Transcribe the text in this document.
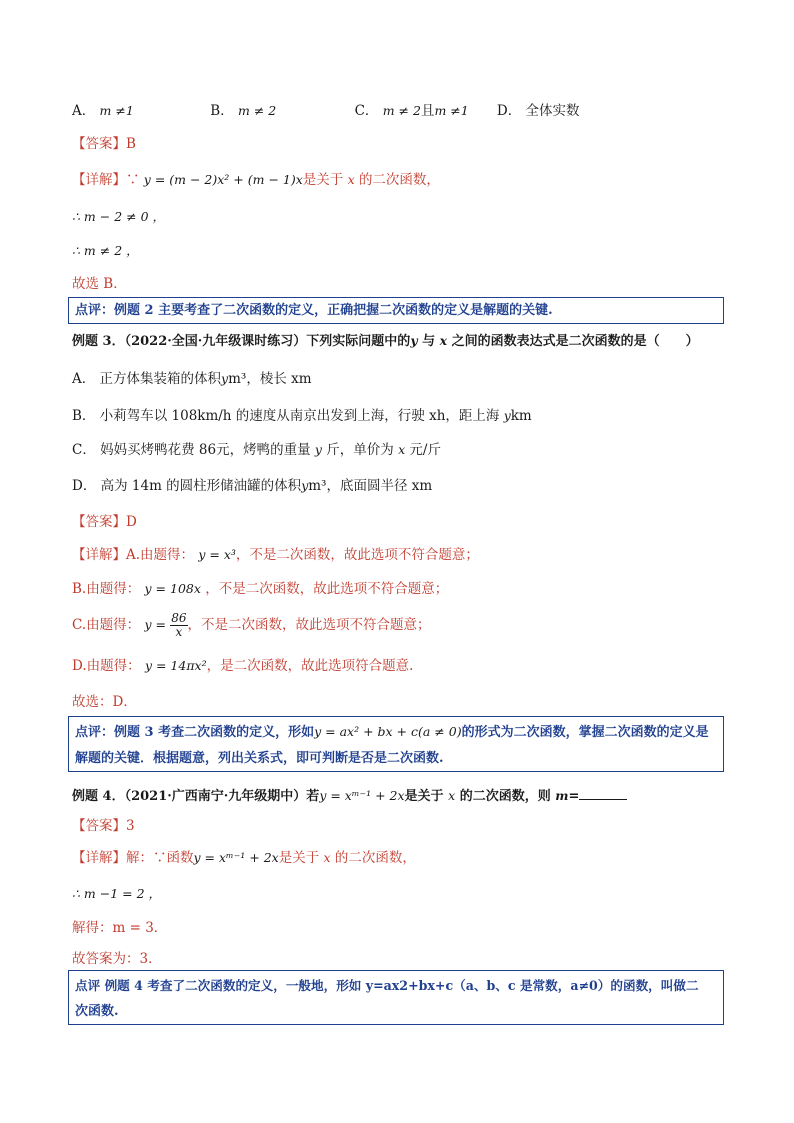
A． m ≠1	B． m ≠ 2	C． m ≠ 2且m ≠1 D． 全体实数
【答案】B
【详解】∵ y = (m − 2)x² + (m − 1)x是关于 x 的二次函数，
∴ m − 2 ≠ 0 ，
∴ m ≠ 2 ，
故选 B．
点评：例题 2 主要考查了二次函数的定义，正确把握二次函数的定义是解题的关键.
例题 3．（2022·全国·九年级课时练习）下列实际问题中的y 与 x 之间的函数表达式是二次函数的是（　　）
A． 正方体集装箱的体积ym³，棱长 xm
B． 小莉驾车以 108km/h 的速度从南京出发到上海，行驶 xh，距上海 ykm
C． 妈妈买烤鸭花费 86元，烤鸭的重量 y 斤，单价为 x 元/斤
D． 高为 14m 的圆柱形储油罐的体积ym³，底面圆半径 xm
【答案】D
【详解】A.由题得： y = x³，不是二次函数，故此选项不符合题意；
B.由题得： y = 108x ，不是二次函数，故此选项不符合题意；
C.由题得： $y = \frac{86}{x}$ ，不是二次函数，故此选项不符合题意；
D.由题得： y = 14πx²，是二次函数，故此选项符合题意.
故选：D．
点评：例题 3 考查二次函数的定义，形如y = ax² + bx + c(a ≠ 0)的形式为二次函数，掌握二次函数的定义是
解题的关键．根据题意，列出关系式，即可判断是否是二次函数.
例题 4．（2021·广西南宁·九年级期中）若y = xᵐ⁻¹ + 2x是关于 x 的二次函数，则 m=
【答案】3
【详解】解：∵函数y = xᵐ⁻¹ + 2x是关于 x 的二次函数，
∴ m −1 = 2 ，
解得：m = 3．
故答案为：3．
点评 例题 4 考查了二次函数的定义，一般地，形如 y=ax2+bx+c（a、b、c 是常数，a≠0）的函数，叫做二
次函数.
